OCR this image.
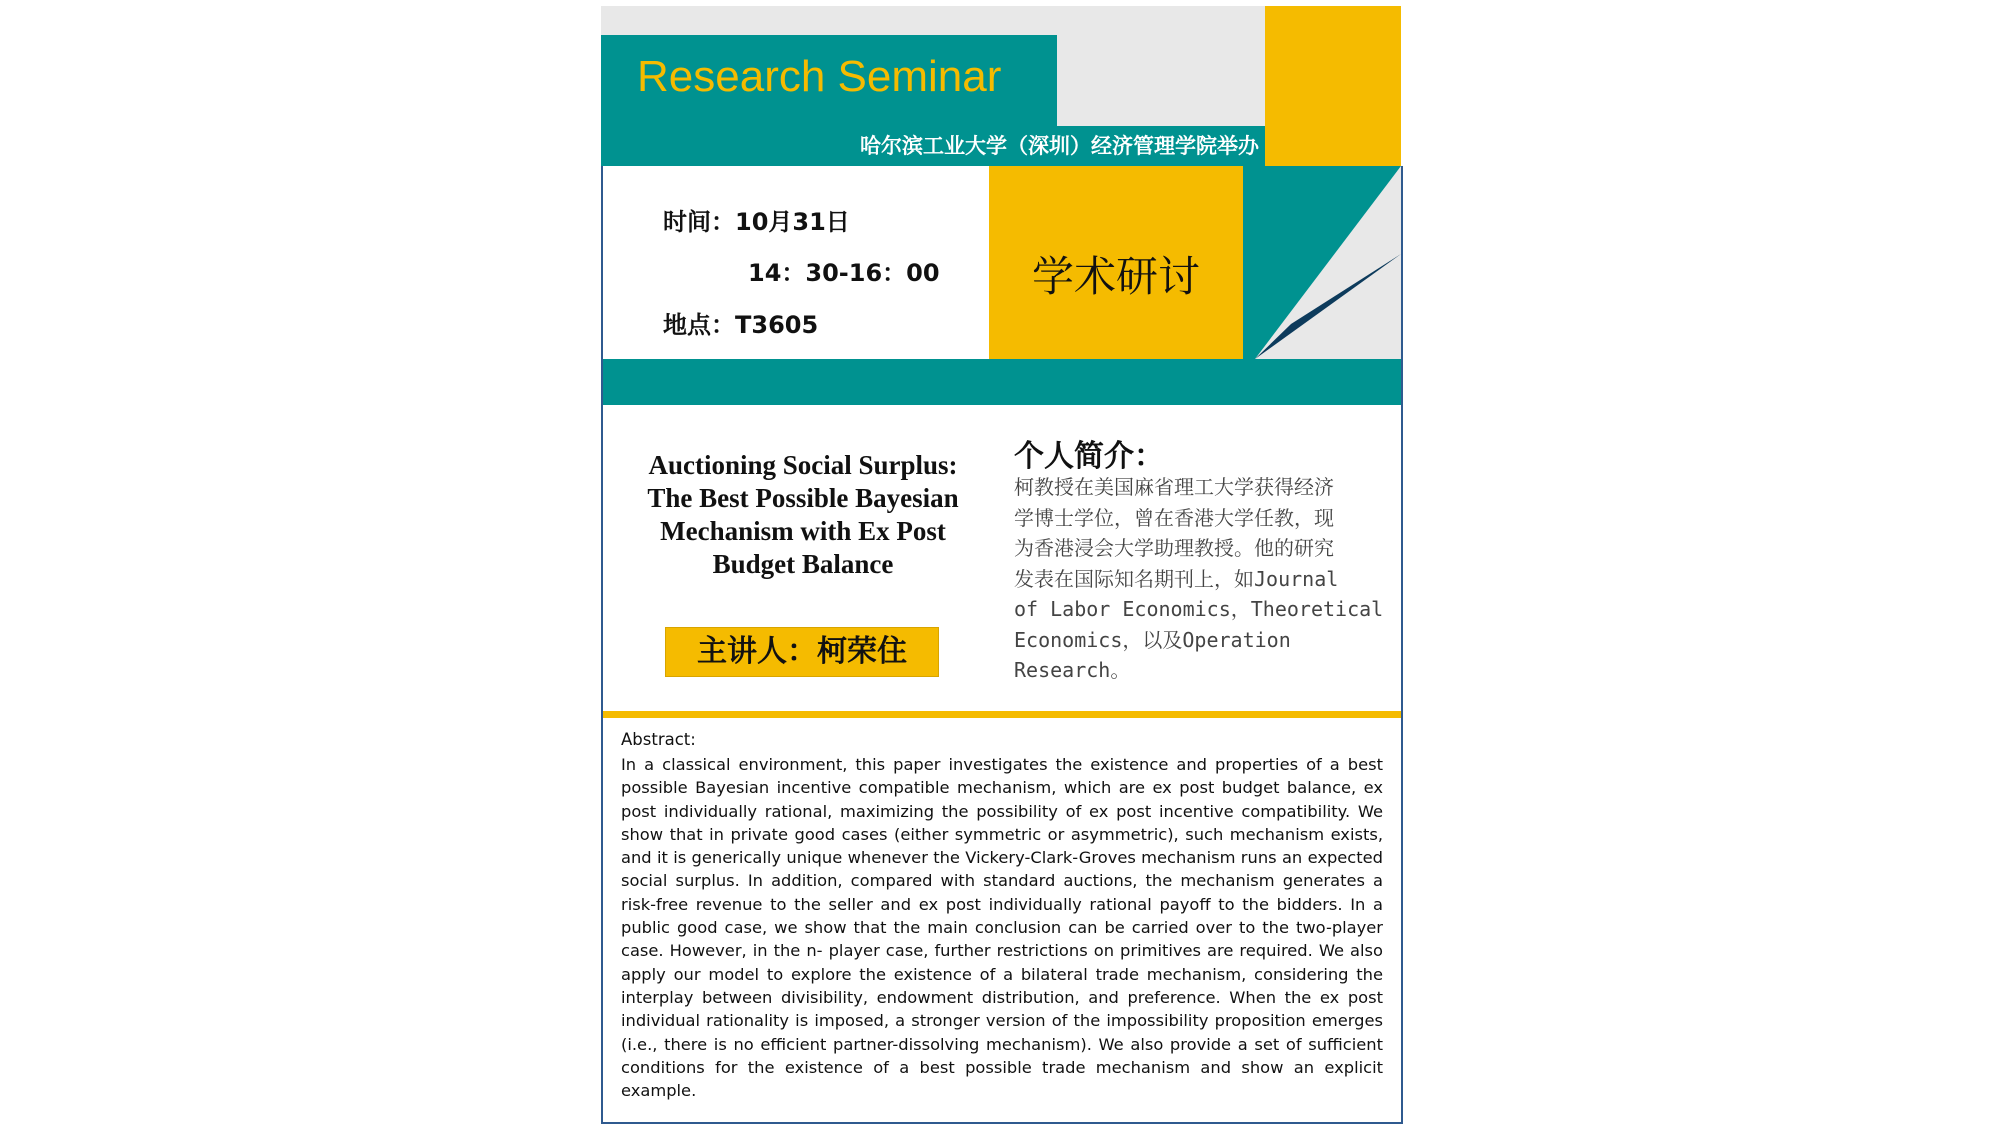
Research Seminar
哈尔滨工业大学（深圳）经济管理学院举办
时间：10月31日
14：30-16：00
地点：T3605
学术研讨
Auctioning Social Surplus:
The Best Possible Bayesian
Mechanism with Ex Post
Budget Balance
主讲人：柯荣住
个人简介：
柯教授在美国麻省理工大学获得经济
学博士学位，曾在香港大学任教，现
为香港浸会大学助理教授。他的研究
发表在国际知名期刊上，如Journal
of Labor Economics，Theoretical
Economics，以及Operation
Research。
Abstract:
In a classical environment, this paper investigates the existence and properties of a best possible Bayesian incentive compatible mechanism, which are ex post budget balance, ex post individually rational, maximizing the possibility of ex post incentive compatibility. We show that in private good cases (either symmetric or asymmetric), such mechanism exists, and it is generically unique whenever the Vickery-Clark-Groves mechanism runs an expected social surplus. In addition, compared with standard auctions, the mechanism generates a risk-free revenue to the seller and ex post individually rational payoff to the bidders. In a public good case, we show that the main conclusion can be carried over to the two-player case. However, in the n- player case, further restrictions on primitives are required. We also apply our model to explore the existence of a bilateral trade mechanism, considering the interplay between divisibility, endowment distribution, and preference. When the ex post individual rationality is imposed, a stronger version of the impossibility proposition emerges (i.e., there is no efficient partner-dissolving mechanism). We also provide a set of sufficient conditions for the existence of a best possible trade mechanism and show an explicit example.
